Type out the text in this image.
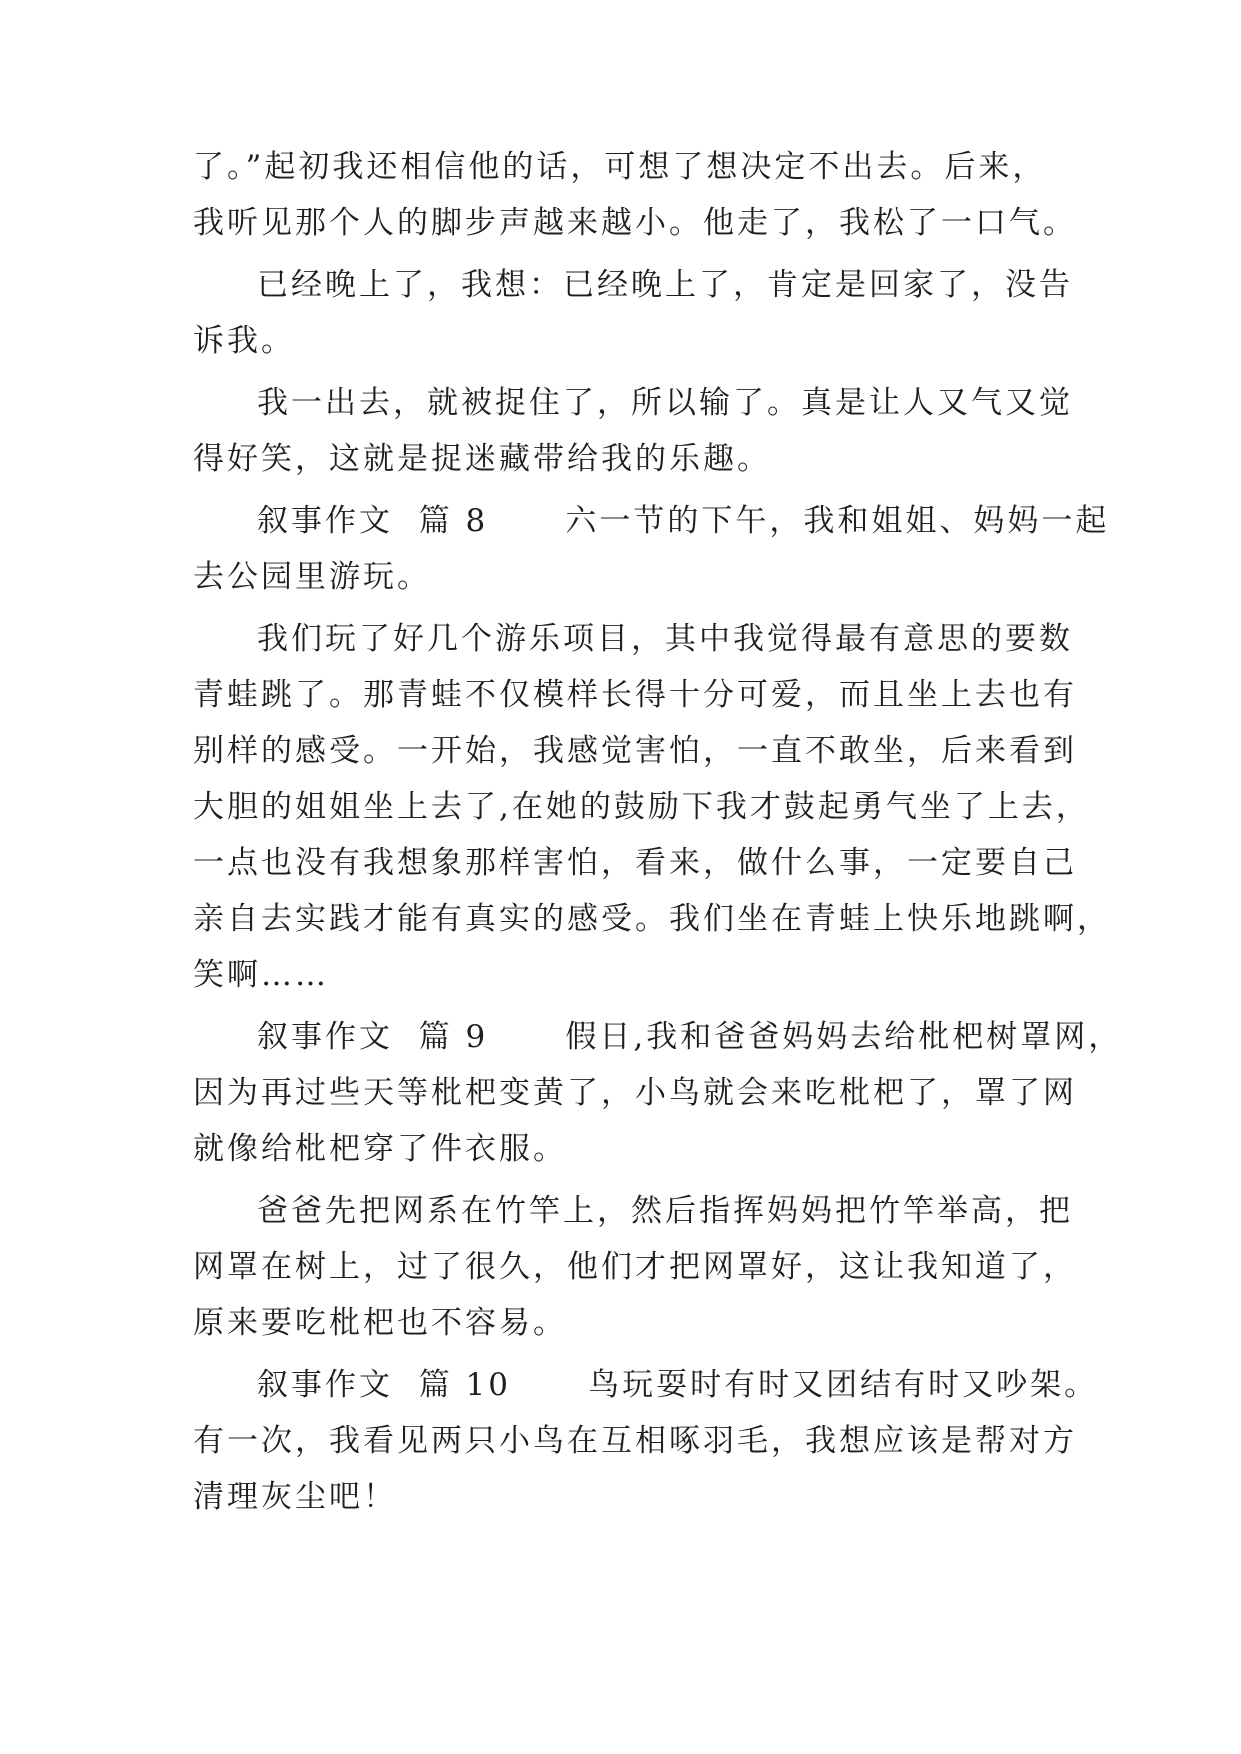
了。”起初我还相信他的话，可想了想决定不出去。后来，
我听见那个人的脚步声越来越小。他走了，我松了一口气。
已经晚上了，我想：已经晚上了，肯定是回家了，没告
诉我。
我一出去，就被捉住了，所以输了。真是让人又气又觉
得好笑，这就是捉迷藏带给我的乐趣。
叙事作文  篇 8      六一节的下午，我和姐姐、妈妈一起
去公园里游玩。
我们玩了好几个游乐项目，其中我觉得最有意思的要数
青蛙跳了。那青蛙不仅模样长得十分可爱，而且坐上去也有
别样的感受。一开始，我感觉害怕，一直不敢坐，后来看到
大胆的姐姐坐上去了,在她的鼓励下我才鼓起勇气坐了上去，
一点也没有我想象那样害怕，看来，做什么事，一定要自己
亲自去实践才能有真实的感受。我们坐在青蛙上快乐地跳啊，
笑啊……
叙事作文  篇 9      假日,我和爸爸妈妈去给枇杷树罩网，
因为再过些天等枇杷变黄了，小鸟就会来吃枇杷了，罩了网
就像给枇杷穿了件衣服。
爸爸先把网系在竹竿上，然后指挥妈妈把竹竿举高，把
网罩在树上，过了很久，他们才把网罩好，这让我知道了，
原来要吃枇杷也不容易。
叙事作文  篇 10      鸟玩耍时有时又团结有时又吵架。
有一次，我看见两只小鸟在互相啄羽毛，我想应该是帮对方
清理灰尘吧！
